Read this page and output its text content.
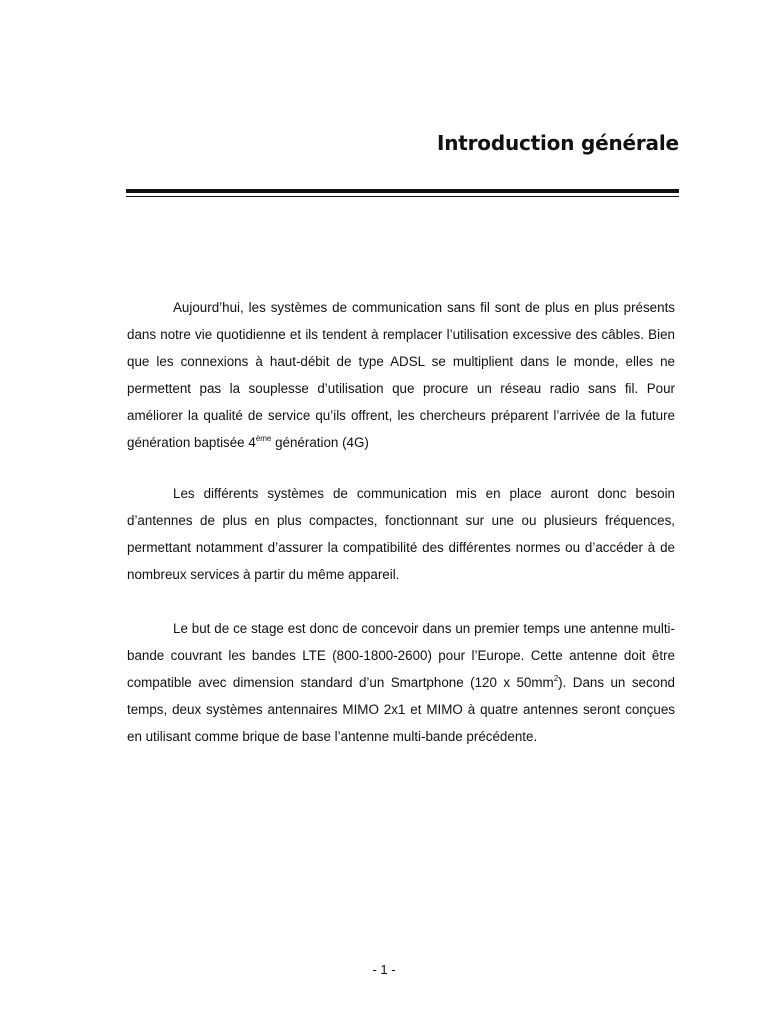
Introduction générale

Aujourd’hui, les systèmes de communication sans fil sont de plus en plus présents dans notre vie quotidienne et ils tendent à remplacer l’utilisation excessive des câbles. Bien que les connexions à haut-débit de type ADSL se multiplient dans le monde, elles ne permettent pas la souplesse d’utilisation que procure un réseau radio sans fil. Pour améliorer la qualité de service qu’ils offrent, les chercheurs préparent l’arrivée de la future génération baptisée 4ème génération (4G)

Les différents systèmes de communication mis en place auront donc besoin d’antennes de plus en plus compactes, fonctionnant sur une ou plusieurs fréquences, permettant notamment d’assurer la compatibilité des différentes normes ou d’accéder à de nombreux services à partir du même appareil.

Le but de ce stage est donc de concevoir dans un premier temps une antenne multi-bande couvrant les bandes LTE (800-1800-2600) pour l’Europe. Cette antenne doit être compatible avec dimension standard d’un Smartphone (120 x $50mm^2$). Dans un second temps, deux systèmes antennaires MIMO 2x1 et MIMO à quatre antennes seront conçues en utilisant comme brique de base l’antenne multi-bande précédente.

- 1 -
